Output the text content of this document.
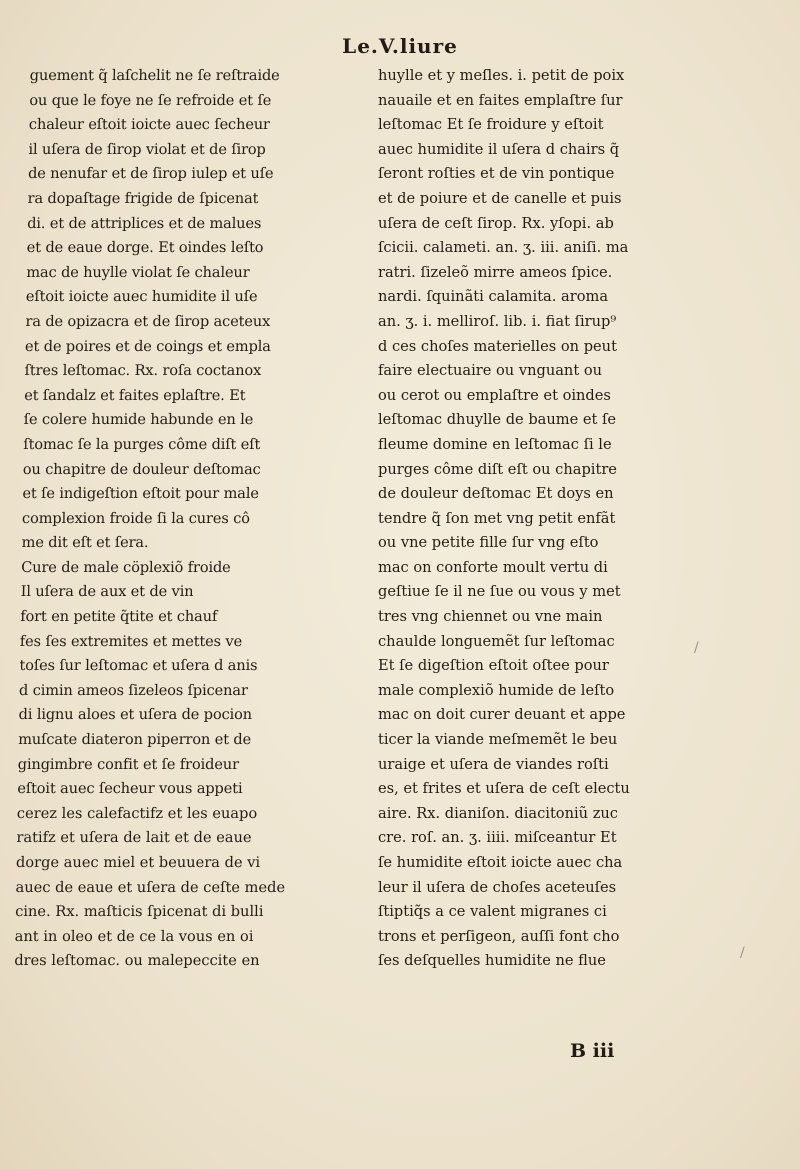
Le.V.liure
guement q̃ laſchelit ne ſe reſtraide
ou que le foye ne ſe refroide et ſe
chaleur eſtoit ioicte auec ſecheur
il uſera de ſirop violat et de ſirop
de nenufar et de ſirop iulep et uſe
ra dopaſtage frigide de ſpicenat
di. et de attriplices et de malues
et de eaue dorge. Et oindes leſto
mac de huylle violat ſe chaleur
eſtoit ioicte auec humidite il uſe
ra de opizacra et de ſirop aceteux
et de poires et de coings et empla
ſtres leſtomac. Rx. roſa coctanox
et ſandalz et faites eplaſtre. Et
ſe colere humide habunde en le
ſtomac ſe la purges côme diſt eſt
ou chapitre de douleur deſtomac
et ſe indigeſtion eſtoit pour male
complexion froide ſi la cures cô
me dit eſt et ſera.
Cure de male cöplexiõ froide
Il uſera de aux et de vin
fort en petite q̃tite et chauf
fes ſes extremites et mettes ve
toſes ſur leſtomac et uſera d anis
d cimin ameos ſizeleos ſpicenar
di lignu aloes et uſera de pocion
muſcate diateron piperron et de
gingimbre confit et ſe froideur
eſtoit auec ſecheur vous appeti
cerez les calefactifz et les euapo
ratifz et uſera de lait et de eaue
dorge auec miel et beuuera de vi
auec de eaue et uſera de ceſte mede
cine. Rx. maſticis ſpicenat di bulli
ant in oleo et de ce la vous en oi
dres leſtomac. ou malepeccite en
huylle et y meſles. i. petit de poix
nauaile et en faites emplaſtre ſur
leſtomac Et ſe froidure y eſtoit
auec humidite il uſera d chairs q̃
ſeront roſties et de vin pontique
et de poiure et de canelle et puis
uſera de ceſt ſirop. Rx. yſopi. ab
ſcicii. calameti. an. ʒ. iii. aniſi. ma
ratri. ſizeleõ mirre ameos ſpice.
nardi. ſquinãti calamita. aroma
an. ʒ. i. melliroſ. lib. i. fiat ſirup⁹
d ces choſes materielles on peut
faire electuaire ou vnguant ou
ou cerot ou emplaſtre et oindes
leſtomac dhuylle de baume et ſe
fleume domine en leſtomac ſi le
purges côme diſt eſt ou chapitre
de douleur deſtomac Et doys en
tendre q̃ ſon met vng petit enfãt
ou vne petite fille ſur vng eſto
mac on conforte moult vertu di
geſtiue ſe il ne ſue ou vous y met
tres vng chiennet ou vne main
chaulde longuemẽt ſur leſtomac
Et ſe digeſtion eſtoit oſtee pour
male complexiõ humide de leſto
mac on doit curer deuant et appe
ticer la viande meſmemẽt le beu
uraige et uſera de viandes roſti
es, et frites et uſera de ceſt electu
aire. Rx. dianiſon. diacitoniũ zuc
cre. roſ. an. ʒ. iiii. miſceantur Et
ſe humidite eſtoit ioicte auec cha
leur il uſera de choſes aceteuſes
ſtiptiq̃s a ce valent migranes ci
trons et perſigeon, auſſi font cho
ſes deſquelles humidite ne flue
B iii
/
/
